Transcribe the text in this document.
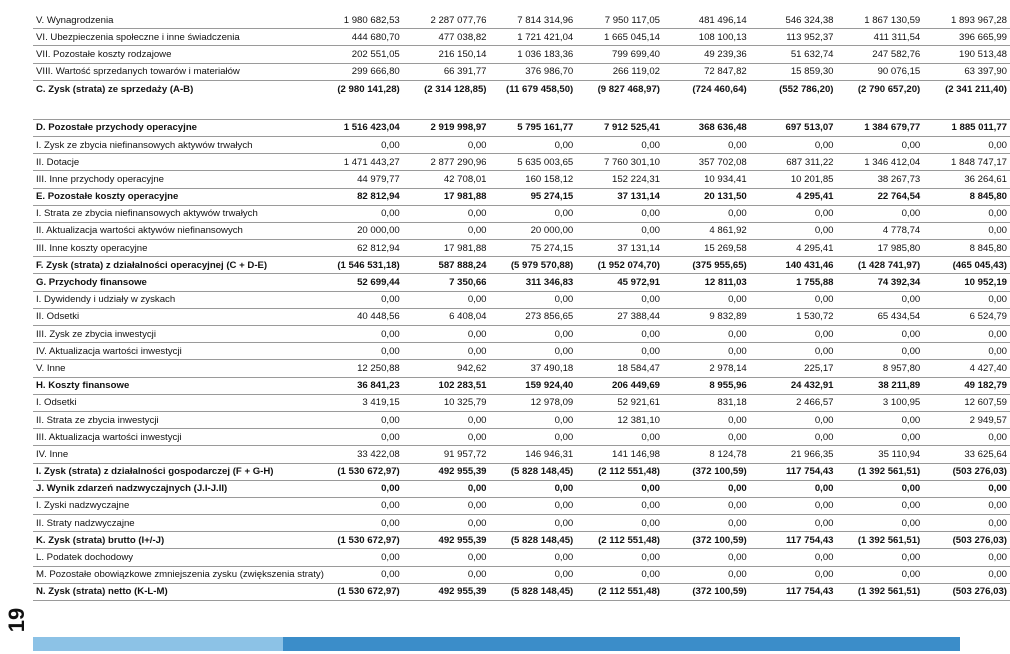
V. Wynagrodzenia	1 980 682,53	2 287 077,76	7 814 314,96	7 950 117,05	481 496,14	546 324,38	1 867 130,59	1 893 967,28
VI. Ubezpieczenia społeczne i inne świadczenia	444 680,70	477 038,82	1 721 421,04	1 665 045,14	108 100,13	113 952,37	411 311,54	396 665,99
VII. Pozostałe koszty rodzajowe	202 551,05	216 150,14	1 036 183,36	799 699,40	49 239,36	51 632,74	247 582,76	190 513,48
VIII. Wartość sprzedanych towarów i materiałów	299 666,80	66 391,77	376 986,70	266 119,02	72 847,82	15 859,30	90 076,15	63 397,90
C. Zysk (strata) ze sprzedaży (A-B)	(2 980 141,28)	(2 314 128,85)	(11 679 458,50)	(9 827 468,97)	(724 460,64)	(552 786,20)	(2 790 657,20)	(2 341 211,40)
D. Pozostałe przychody operacyjne	1 516 423,04	2 919 998,97	5 795 161,77	7 912 525,41	368 636,48	697 513,07	1 384 679,77	1 885 011,77
I. Zysk ze zbycia niefinansowych aktywów trwałych	0,00	0,00	0,00	0,00	0,00	0,00	0,00	0,00
II. Dotacje	1 471 443,27	2 877 290,96	5 635 003,65	7 760 301,10	357 702,08	687 311,22	1 346 412,04	1 848 747,17
III. Inne przychody operacyjne	44 979,77	42 708,01	160 158,12	152 224,31	10 934,41	10 201,85	38 267,73	36 264,61
E. Pozostałe koszty operacyjne	82 812,94	17 981,88	95 274,15	37 131,14	20 131,50	4 295,41	22 764,54	8 845,80
I. Strata ze zbycia niefinansowych aktywów trwałych	0,00	0,00	0,00	0,00	0,00	0,00	0,00	0,00
II. Aktualizacja wartości aktywów niefinansowych	20 000,00	0,00	20 000,00	0,00	4 861,92	0,00	4 778,74	0,00
III. Inne koszty operacyjne	62 812,94	17 981,88	75 274,15	37 131,14	15 269,58	4 295,41	17 985,80	8 845,80
F. Zysk (strata) z działalności operacyjnej (C + D-E)	(1 546 531,18)	587 888,24	(5 979 570,88)	(1 952 074,70)	(375 955,65)	140 431,46	(1 428 741,97)	(465 045,43)
G. Przychody finansowe	52 699,44	7 350,66	311 346,83	45 972,91	12 811,03	1 755,88	74 392,34	10 952,19
I. Dywidendy i udziały w zyskach	0,00	0,00	0,00	0,00	0,00	0,00	0,00	0,00
II. Odsetki	40 448,56	6 408,04	273 856,65	27 388,44	9 832,89	1 530,72	65 434,54	6 524,79
III. Zysk ze zbycia inwestycji	0,00	0,00	0,00	0,00	0,00	0,00	0,00	0,00
IV. Aktualizacja wartości inwestycji	0,00	0,00	0,00	0,00	0,00	0,00	0,00	0,00
V. Inne	12 250,88	942,62	37 490,18	18 584,47	2 978,14	225,17	8 957,80	4 427,40
H. Koszty finansowe	36 841,23	102 283,51	159 924,40	206 449,69	8 955,96	24 432,91	38 211,89	49 182,79
I. Odsetki	3 419,15	10 325,79	12 978,09	52 921,61	831,18	2 466,57	3 100,95	12 607,59
II. Strata ze zbycia inwestycji	0,00	0,00	0,00	12 381,10	0,00	0,00	0,00	2 949,57
III. Aktualizacja wartości inwestycji	0,00	0,00	0,00	0,00	0,00	0,00	0,00	0,00
IV. Inne	33 422,08	91 957,72	146 946,31	141 146,98	8 124,78	21 966,35	35 110,94	33 625,64
I. Zysk (strata) z działalności gospodarczej (F + G-H)	(1 530 672,97)	492 955,39	(5 828 148,45)	(2 112 551,48)	(372 100,59)	117 754,43	(1 392 561,51)	(503 276,03)
J. Wynik zdarzeń nadzwyczajnych (J.I-J.II)	0,00	0,00	0,00	0,00	0,00	0,00	0,00	0,00
I. Zyski nadzwyczajne	0,00	0,00	0,00	0,00	0,00	0,00	0,00	0,00
II. Straty nadzwyczajne	0,00	0,00	0,00	0,00	0,00	0,00	0,00	0,00
K. Zysk (strata) brutto (I+/-J)	(1 530 672,97)	492 955,39	(5 828 148,45)	(2 112 551,48)	(372 100,59)	117 754,43	(1 392 561,51)	(503 276,03)
L. Podatek dochodowy	0,00	0,00	0,00	0,00	0,00	0,00	0,00	0,00
M. Pozostałe obowiązkowe zmniejszenia zysku (zwiększenia straty)	0,00	0,00	0,00	0,00	0,00	0,00	0,00	0,00
N. Zysk (strata) netto (K-L-M)	(1 530 672,97)	492 955,39	(5 828 148,45)	(2 112 551,48)	(372 100,59)	117 754,43	(1 392 561,51)	(503 276,03)
19
